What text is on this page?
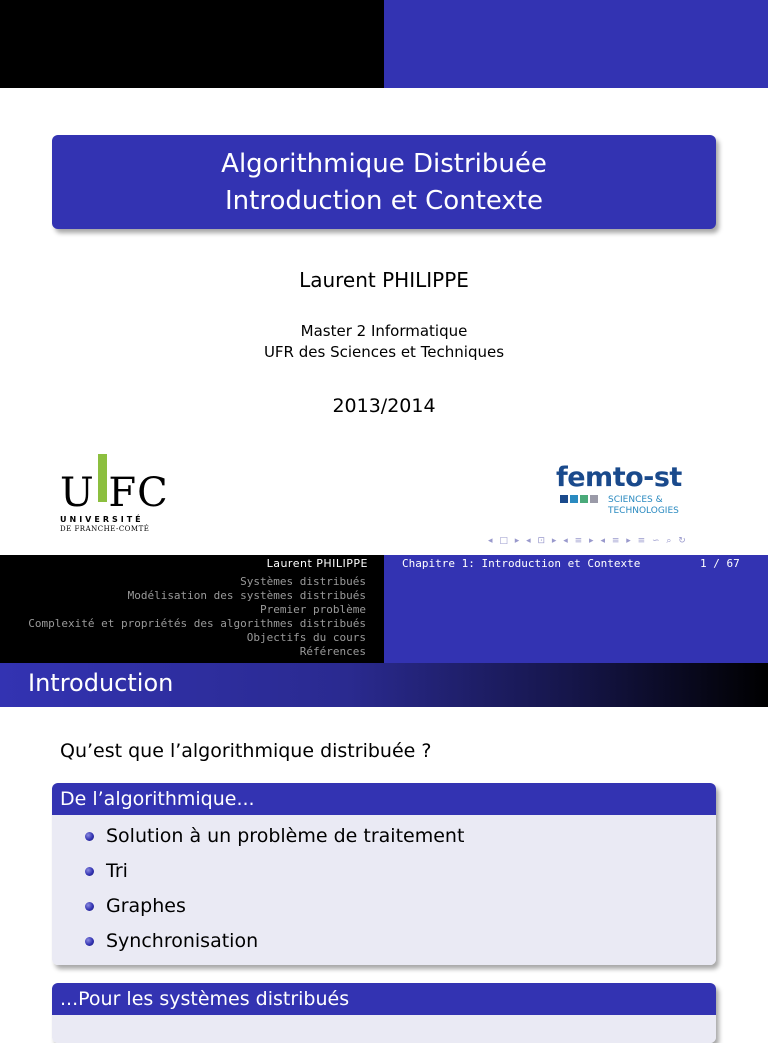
Algorithmique Distribuée
Introduction et Contexte
Laurent PHILIPPE
Master 2 Informatique
UFR des Sciences et Techniques
2013/2014
U FC
UNIVERSITÉ
DE FRANCHE-COMTÉ
femto-st
SCIENCES &
TECHNOLOGIES
◂ □ ▸ ◂ ⊡ ▸ ◂ ≡ ▸ ◂ ≡ ▸ ≡ ∽ ⌕ ↻
Laurent PHILIPPE
Systèmes distribués
Modélisation des systèmes distribués
Premier problème
Complexité et propriétés des algorithmes distribués
Objectifs du cours
Références
Chapitre 1: Introduction et Contexte	1 / 67
Introduction
Qu’est que l’algorithmique distribuée ?
De l’algorithmique...
Solution à un problème de traitement
Tri
Graphes
Synchronisation
...Pour les systèmes distribués
